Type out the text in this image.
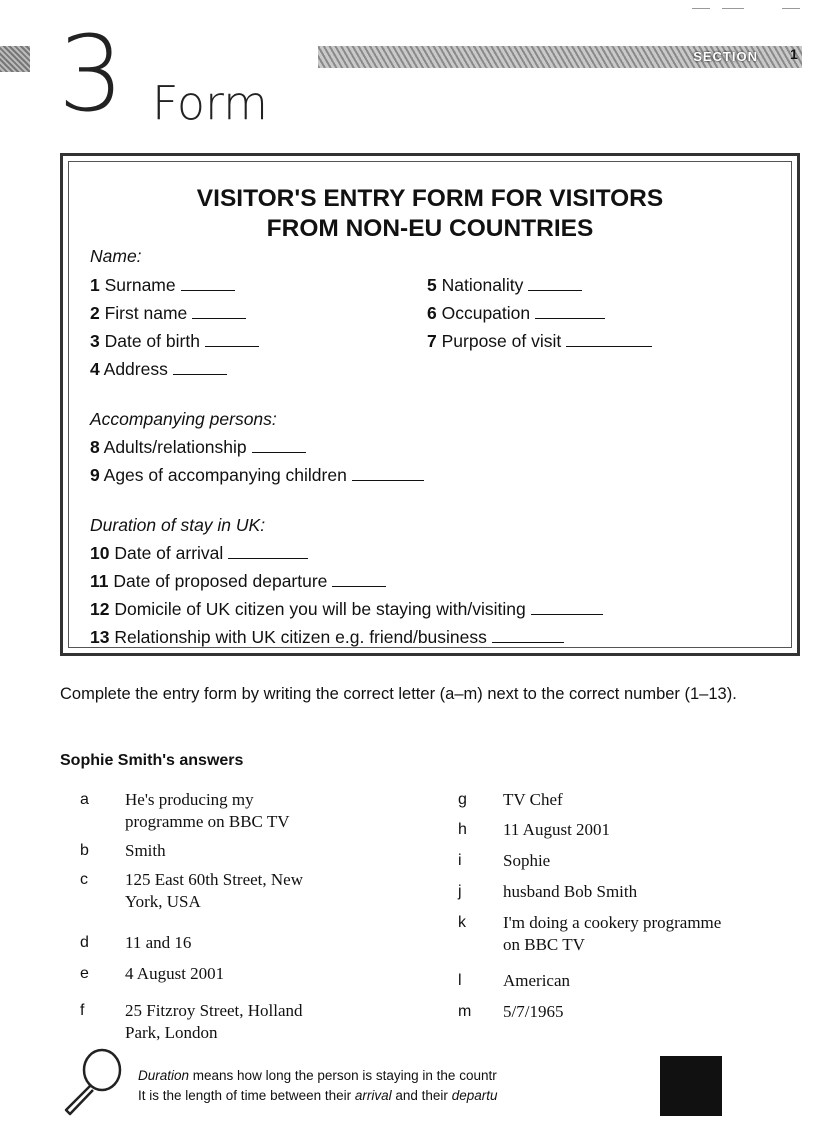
3 Form
SECTION 1
VISITOR'S ENTRY FORM FOR VISITORS
FROM NON-EU COUNTRIES
Name:
1 Surname
2 First name
3 Date of birth
4 Address
5 Nationality
6 Occupation
7 Purpose of visit
Accompanying persons:
8 Adults/relationship
9 Ages of accompanying children
Duration of stay in UK:
10 Date of arrival
11 Date of proposed departure
12 Domicile of UK citizen you will be staying with/visiting
13 Relationship with UK citizen e.g. friend/business
Complete the entry form by writing the correct letter (a–m) next to the correct number (1–13).
Sophie Smith's answers
a He's producing my programme on BBC TV
b Smith
c 125 East 60th Street, New York, USA
d 11 and 16
e 4 August 2001
f 25 Fitzroy Street, Holland Park, London
g TV Chef
h 11 August 2001
i Sophie
j husband Bob Smith
k I'm doing a cookery programme on BBC TV
l American
m 5/7/1965
Duration means how long the person is staying in the countr
It is the length of time between their arrival and their departu
